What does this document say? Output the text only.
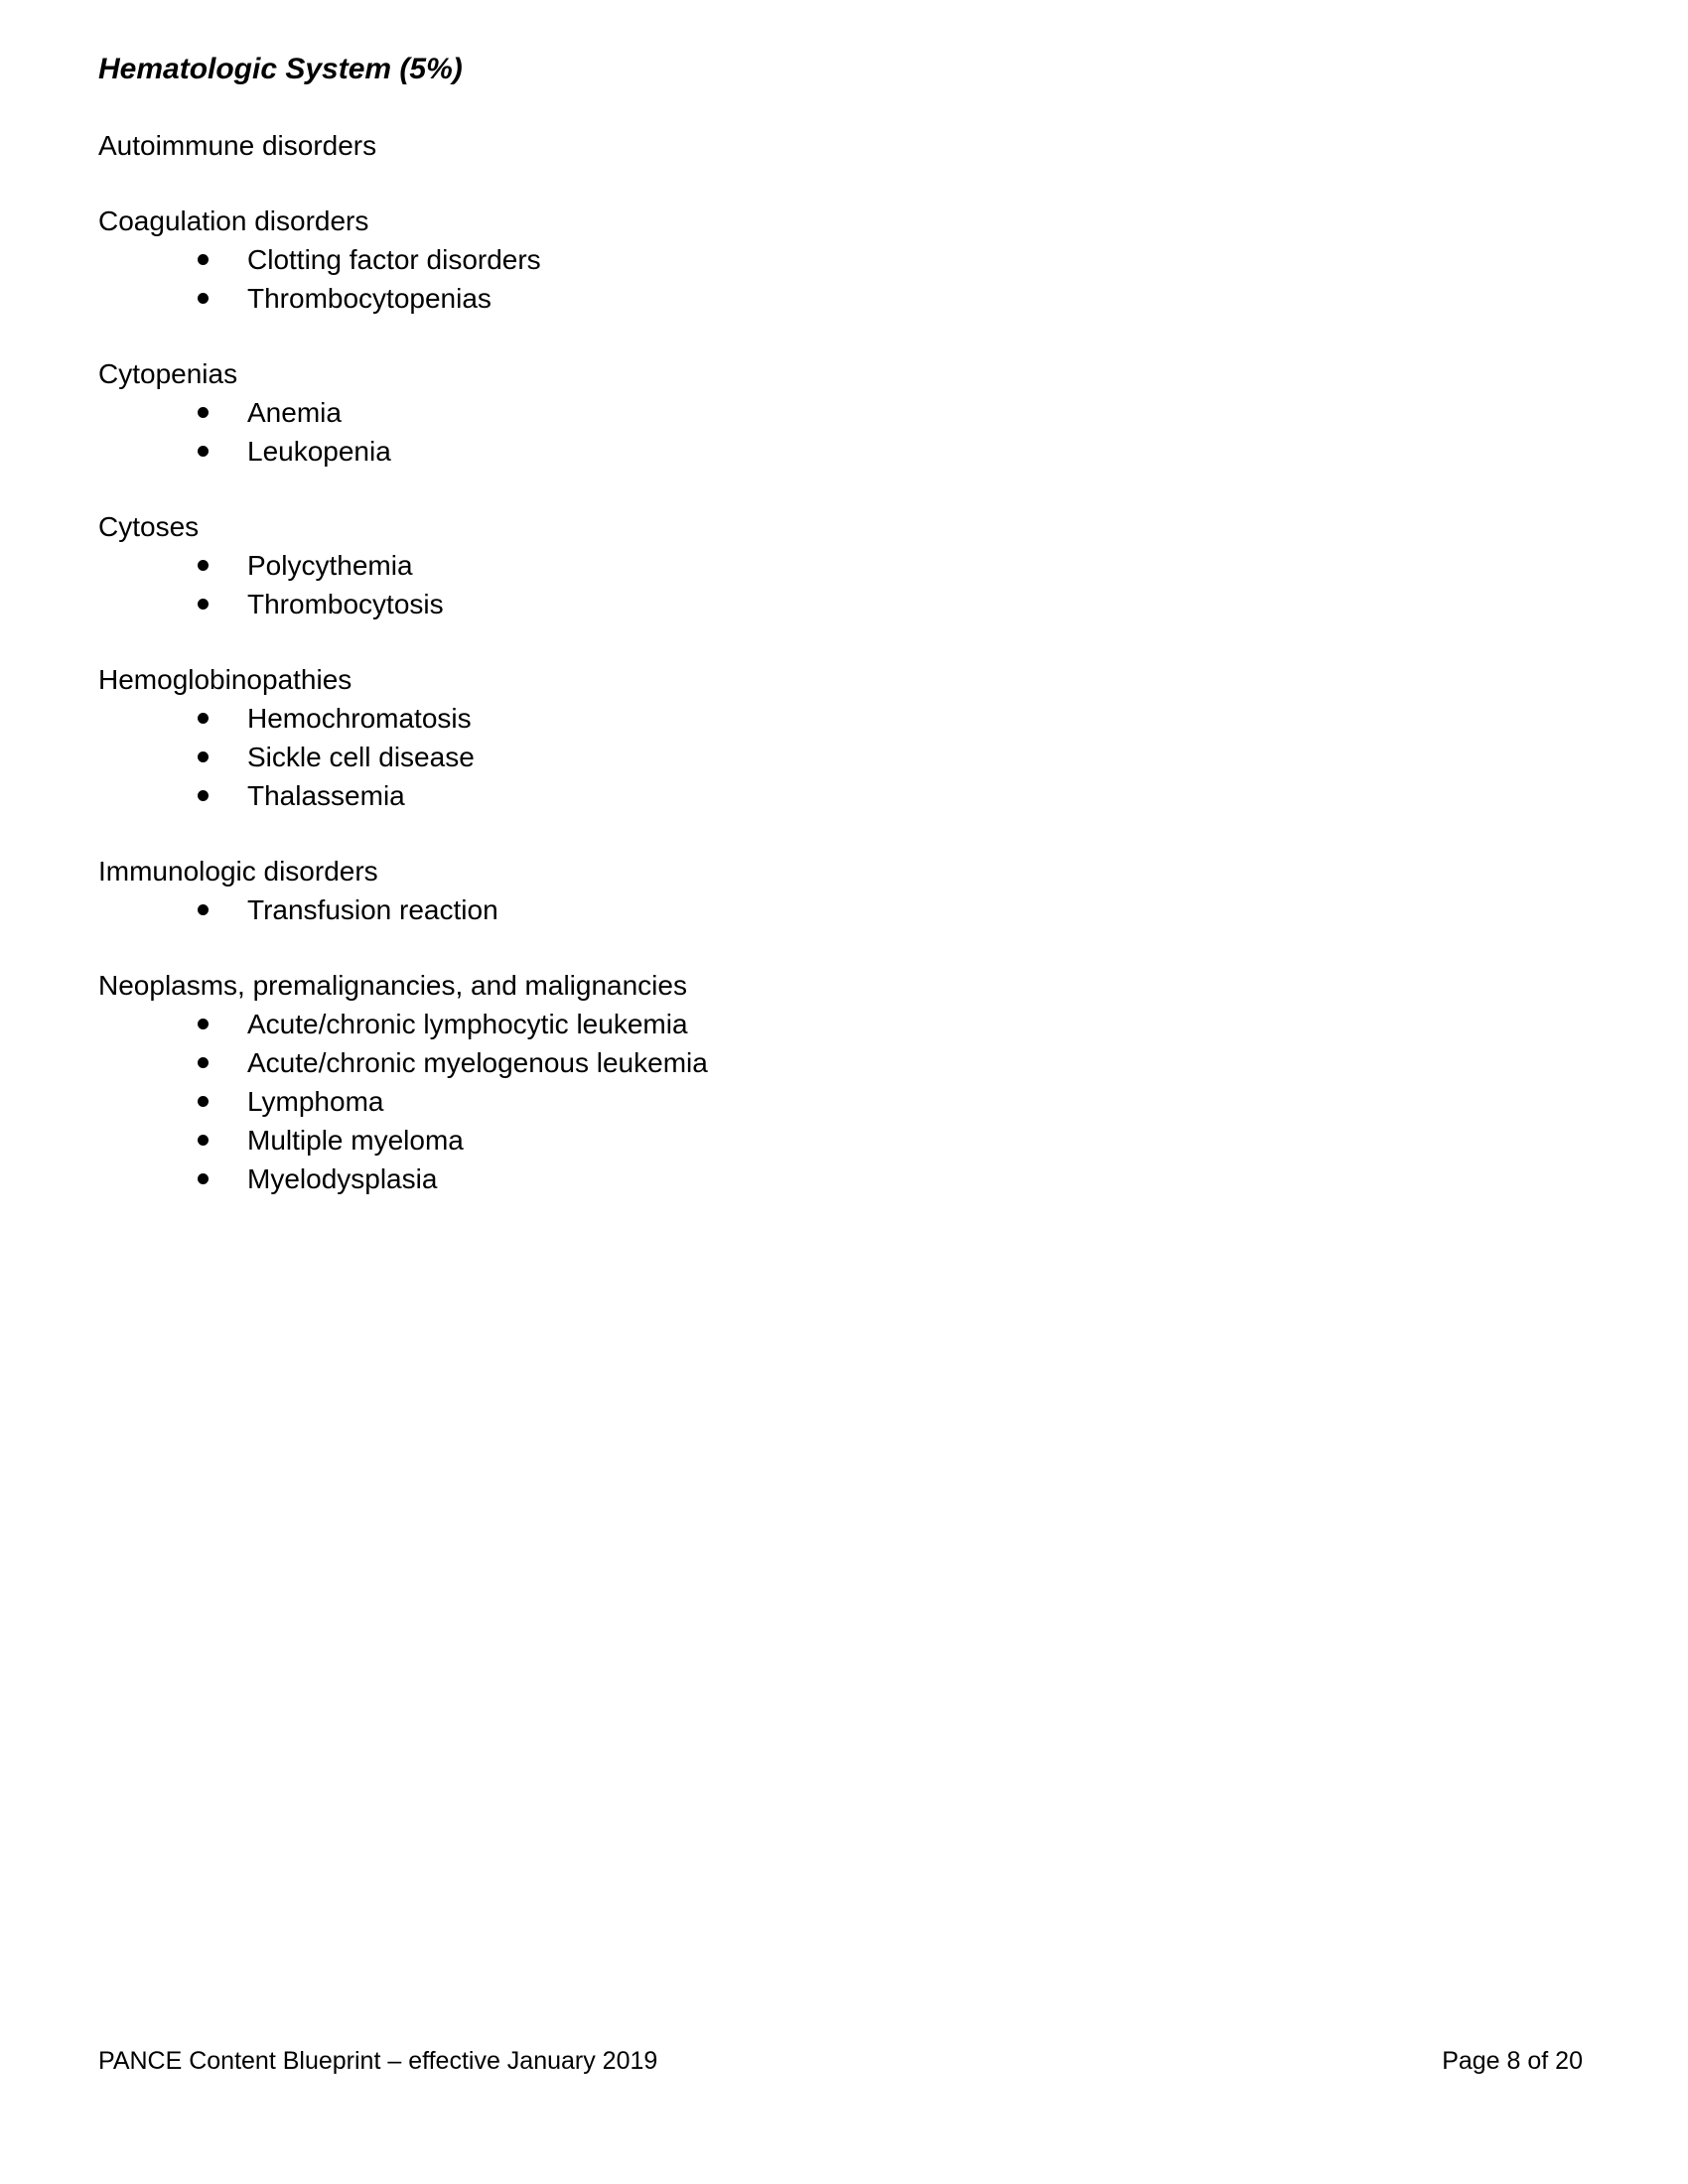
Hematologic System (5%)
Autoimmune disorders
Coagulation disorders
Clotting factor disorders
Thrombocytopenias
Cytopenias
Anemia
Leukopenia
Cytoses
Polycythemia
Thrombocytosis
Hemoglobinopathies
Hemochromatosis
Sickle cell disease
Thalassemia
Immunologic disorders
Transfusion reaction
Neoplasms, premalignancies, and malignancies
Acute/chronic lymphocytic leukemia
Acute/chronic myelogenous leukemia
Lymphoma
Multiple myeloma
Myelodysplasia
PANCE Content Blueprint – effective January 2019	Page 8 of 20
